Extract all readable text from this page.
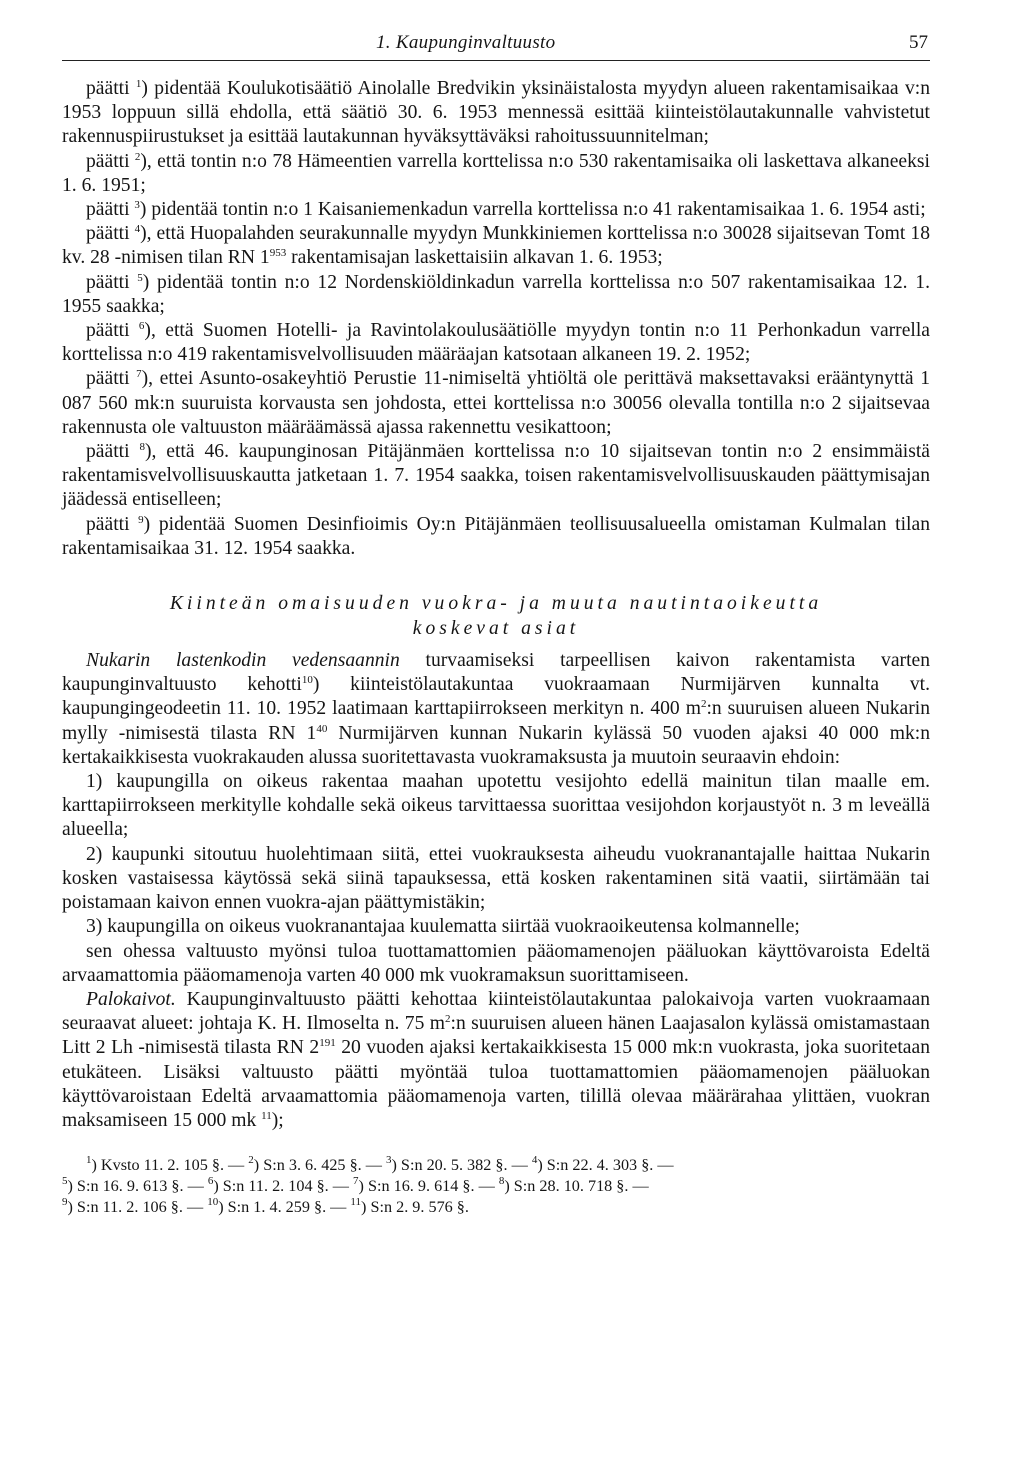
1. Kaupunginvaltuusto	57

päätti $^1$) pidentää Koulukotisäätiö Ainolalle Bredvikin yksinäistalosta myydyn alueen rakentamisaikaa v:n 1953 loppuun sillä ehdolla, että säätiö 30. 6. 1953 mennessä esittää kiinteistölautakunnalle vahvistetut rakennuspiirustukset ja esittää lautakunnan hyväksyttäväksi rahoitussuunnitelman;

päätti $^2$), että tontin n:o 78 Hämeentien varrella korttelissa n:o 530 rakentamisaika oli laskettava alkaneeksi 1. 6. 1951;

päätti $^3$) pidentää tontin n:o 1 Kaisaniemenkadun varrella korttelissa n:o 41 rakentamisaikaa 1. 6. 1954 asti;

päätti $^4$), että Huopalahden seurakunnalle myydyn Munkkiniemen korttelissa n:o 30028 sijaitsevan Tomt 18 kv. 28 -nimisen tilan RN $1^{953}$ rakentamisajan laskettaisiin alkavan 1. 6. 1953;

päätti $^5$) pidentää tontin n:o 12 Nordenskiöldinkadun varrella korttelissa n:o 507 rakentamisaikaa 12. 1. 1955 saakka;

päätti $^6$), että Suomen Hotelli- ja Ravintolakoulusäätiölle myydyn tontin n:o 11 Perhonkadun varrella korttelissa n:o 419 rakentamisvelvollisuuden määräajan katsotaan alkaneen 19. 2. 1952;

päätti $^7$), ettei Asunto-osakeyhtiö Perustie 11-nimiseltä yhtiöltä ole perittävä maksettavaksi erääntynyttä 1 087 560 mk:n suuruista korvausta sen johdosta, ettei korttelissa n:o 30056 olevalla tontilla n:o 2 sijaitsevaa rakennusta ole valtuuston määräämässä ajassa rakennettu vesikattoon;

päätti $^8$), että 46. kaupunginosan Pitäjänmäen korttelissa n:o 10 sijaitsevan tontin n:o 2 ensimmäistä rakentamisvelvollisuuskautta jatketaan 1. 7. 1954 saakka, toisen rakentamisvelvollisuuskauden päättymisajan jäädessä entiselleen;

päätti $^9$) pidentää Suomen Desinfioimis Oy:n Pitäjänmäen teollisuusalueella omistaman Kulmalan tilan rakentamisaikaa 31. 12. 1954 saakka.

Kiinteän omaisuuden vuokra- ja muuta nautintaoikeutta
koskevat asiat

Nukarin lastenkodin vedensaannin turvaamiseksi tarpeellisen kaivon rakentamista varten kaupunginvaltuusto kehotti$^{10}$) kiinteistölautakuntaa vuokraamaan Nurmijärven kunnalta vt. kaupungingeodeetin 11. 10. 1952 laatimaan karttapiirrokseen merkityn n. 400 $m^2:n$ suuruisen alueen Nukarin mylly -nimisestä tilasta RN $1^{40}$ Nurmijärven kunnan Nukarin kylässä 50 vuoden ajaksi 40 000 mk:n kertakaikkisesta vuokrakauden alussa suoritettavasta vuokramaksusta ja muutoin seuraavin ehdoin:

1) kaupungilla on oikeus rakentaa maahan upotettu vesijohto edellä mainitun tilan maalle em. karttapiirrokseen merkitylle kohdalle sekä oikeus tarvittaessa suorittaa vesijohdon korjaustyöt n. 3 m leveällä alueella;

2) kaupunki sitoutuu huolehtimaan siitä, ettei vuokrauksesta aiheudu vuokranantajalle haittaa Nukarin kosken vastaisessa käytössä sekä siinä tapauksessa, että kosken rakentaminen sitä vaatii, siirtämään tai poistamaan kaivon ennen vuokra-ajan päättymistäkin;

3) kaupungilla on oikeus vuokranantajaa kuulematta siirtää vuokraoikeutensa kolmannelle;

sen ohessa valtuusto myönsi tuloa tuottamattomien pääomamenojen pääluokan käyttövaroista Edeltä arvaamattomia pääomamenoja varten 40 000 mk vuokramaksun suorittamiseen.

Palokaivot. Kaupunginvaltuusto päätti kehottaa kiinteistölautakuntaa palokaivoja varten vuokraamaan seuraavat alueet: johtaja K. H. Ilmoselta n. 75 $m^2:n$ suuruisen alueen hänen Laajasalon kylässä omistamastaan Litt 2 Lh -nimisestä tilasta RN $2^{191}$ 20 vuoden ajaksi kertakaikkisesta 15 000 mk:n vuokrasta, joka suoritetaan etukäteen. Lisäksi valtuusto päätti myöntää tuloa tuottamattomien pääomamenojen pääluokan käyttövaroistaan Edeltä arvaamattomia pääomamenoja varten, tilillä olevaa määrärahaa ylittäen, vuokran maksamiseen 15 000 mk $^{11}$);

$^1$) Kvsto 11. 2. 105 §. — $^2$) S:n 3. 6. 425 §. — $^3$) S:n 20. 5. 382 §. — $^4$) S:n 22. 4. 303 §. —

$^5$) S:n 16. 9. 613 §. — $^6$) S:n 11. 2. 104 §. — $^7$) S:n 16. 9. 614 §. — $^8$) S:n 28. 10. 718 §. —

$^9$) S:n 11. 2. 106 §. — $^{10}$) S:n 1. 4. 259 §. — $^{11}$) S:n 2. 9. 576 §.
